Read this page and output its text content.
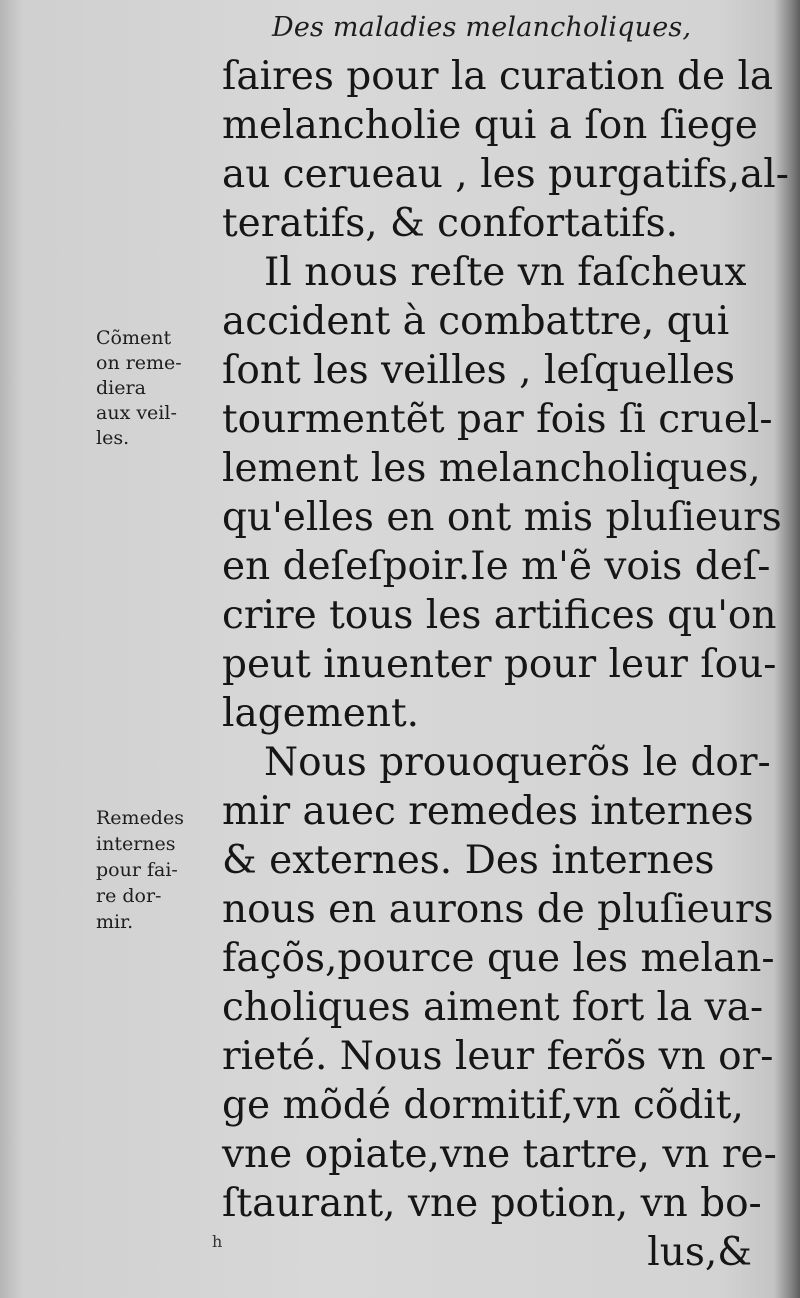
Des maladies melancholiques,
ſaires pour la curation de la
melancholie qui a ſon ſiege
au cerueau , les purgatifs,al-
teratifs, & confortatifs.
Il nous reſte vn faſcheux
accident à combattre, qui
ſont les veilles , leſquelles
tourmentẽt par fois ſi cruel-
lement les melancholiques,
qu'elles en ont mis pluſieurs
en deſeſpoir.Ie m'ẽ vois deſ-
crire tous les artifices qu'on
peut inuenter pour leur ſou-
lagement.
Nous prouoquerõs le dor-
mir auec remedes internes
& externes. Des internes
nous en aurons de pluſieurs
façõs,pource que les melan-
choliques aiment fort la va-
rieté. Nous leur ferõs vn or-
ge mõdé dormitif,vn cõdit,
vne opiate,vne tartre, vn re-
ſtaurant, vne potion, vn bo-
lus,&
Cõment
on reme-
diera
aux veil-
les.
Remedes
internes
pour fai-
re dor-
mir.
h
